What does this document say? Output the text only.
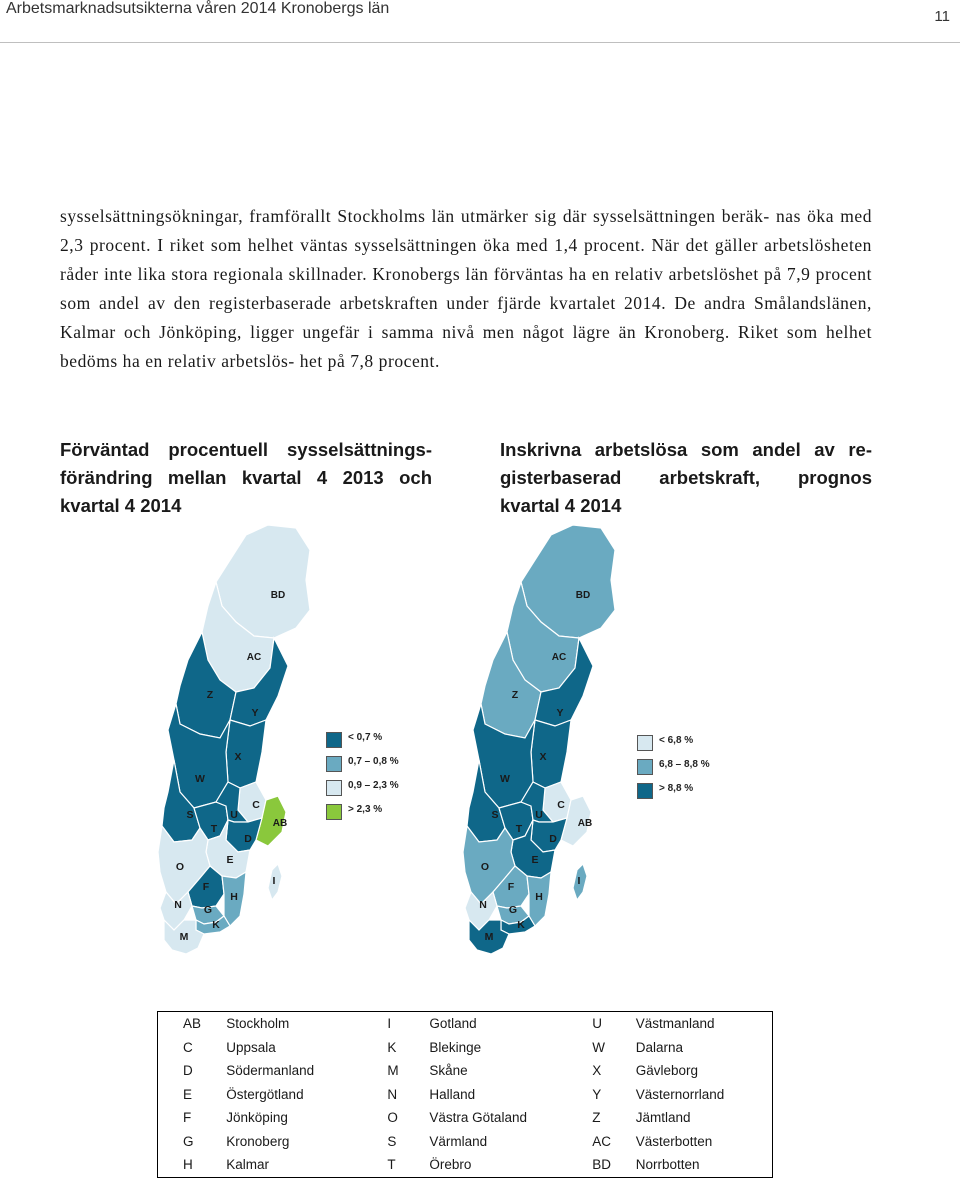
Arbetsmarknadsutsikterna våren 2014 Kronobergs län	11

sysselsättningsökningar, framförallt Stockholms län utmärker sig där sysselsättningen beräk- nas öka med 2,3 procent. I riket som helhet väntas sysselsättningen öka med 1,4 procent. När det gäller arbetslösheten råder inte lika stora regionala skillnader. Kronobergs län förväntas ha en relativ arbetslöshet på 7,9 procent som andel av den registerbaserade arbetskraften under fjärde kvartalet 2014. De andra Smålandslänen, Kalmar och Jönköping, ligger ungefär i samma nivå men något lägre än Kronoberg. Riket som helhet bedöms ha en relativ arbetslös- het på 7,8 procent.

Förväntad procentuell sysselsättnings-
förändring mellan kvartal 4 2013 och
kvartal 4 2014
Inskrivna arbetslösa som andel av re-
gisterbaserad arbetskraft, prognos
kvartal 4 2014
BD
AC
Z
Y
X
W
C
AB
S
T
U
D
E
O
F
H
N G
K
M
I
BD
AC
Z
Y
X
W
C
AB
S
T
U
D
E
O
F
H
N G
K
M
I
< 0,7 %
0,7 – 0,8 %
0,9 – 2,3 %
> 2,3 %
< 6,8 %
6,8 – 8,8 %
> 8,8 %
AB	Stockholm	I	Gotland	U	Västmanland
C	Uppsala	K	Blekinge	W	Dalarna
D	Södermanland	M	Skåne	X	Gävleborg
E	Östergötland	N	Halland	Y	Västernorrland
F	Jönköping	O	Västra Götaland	Z	Jämtland
G	Kronoberg	S	Värmland	AC	Västerbotten
H	Kalmar	T	Örebro	BD	Norrbotten
